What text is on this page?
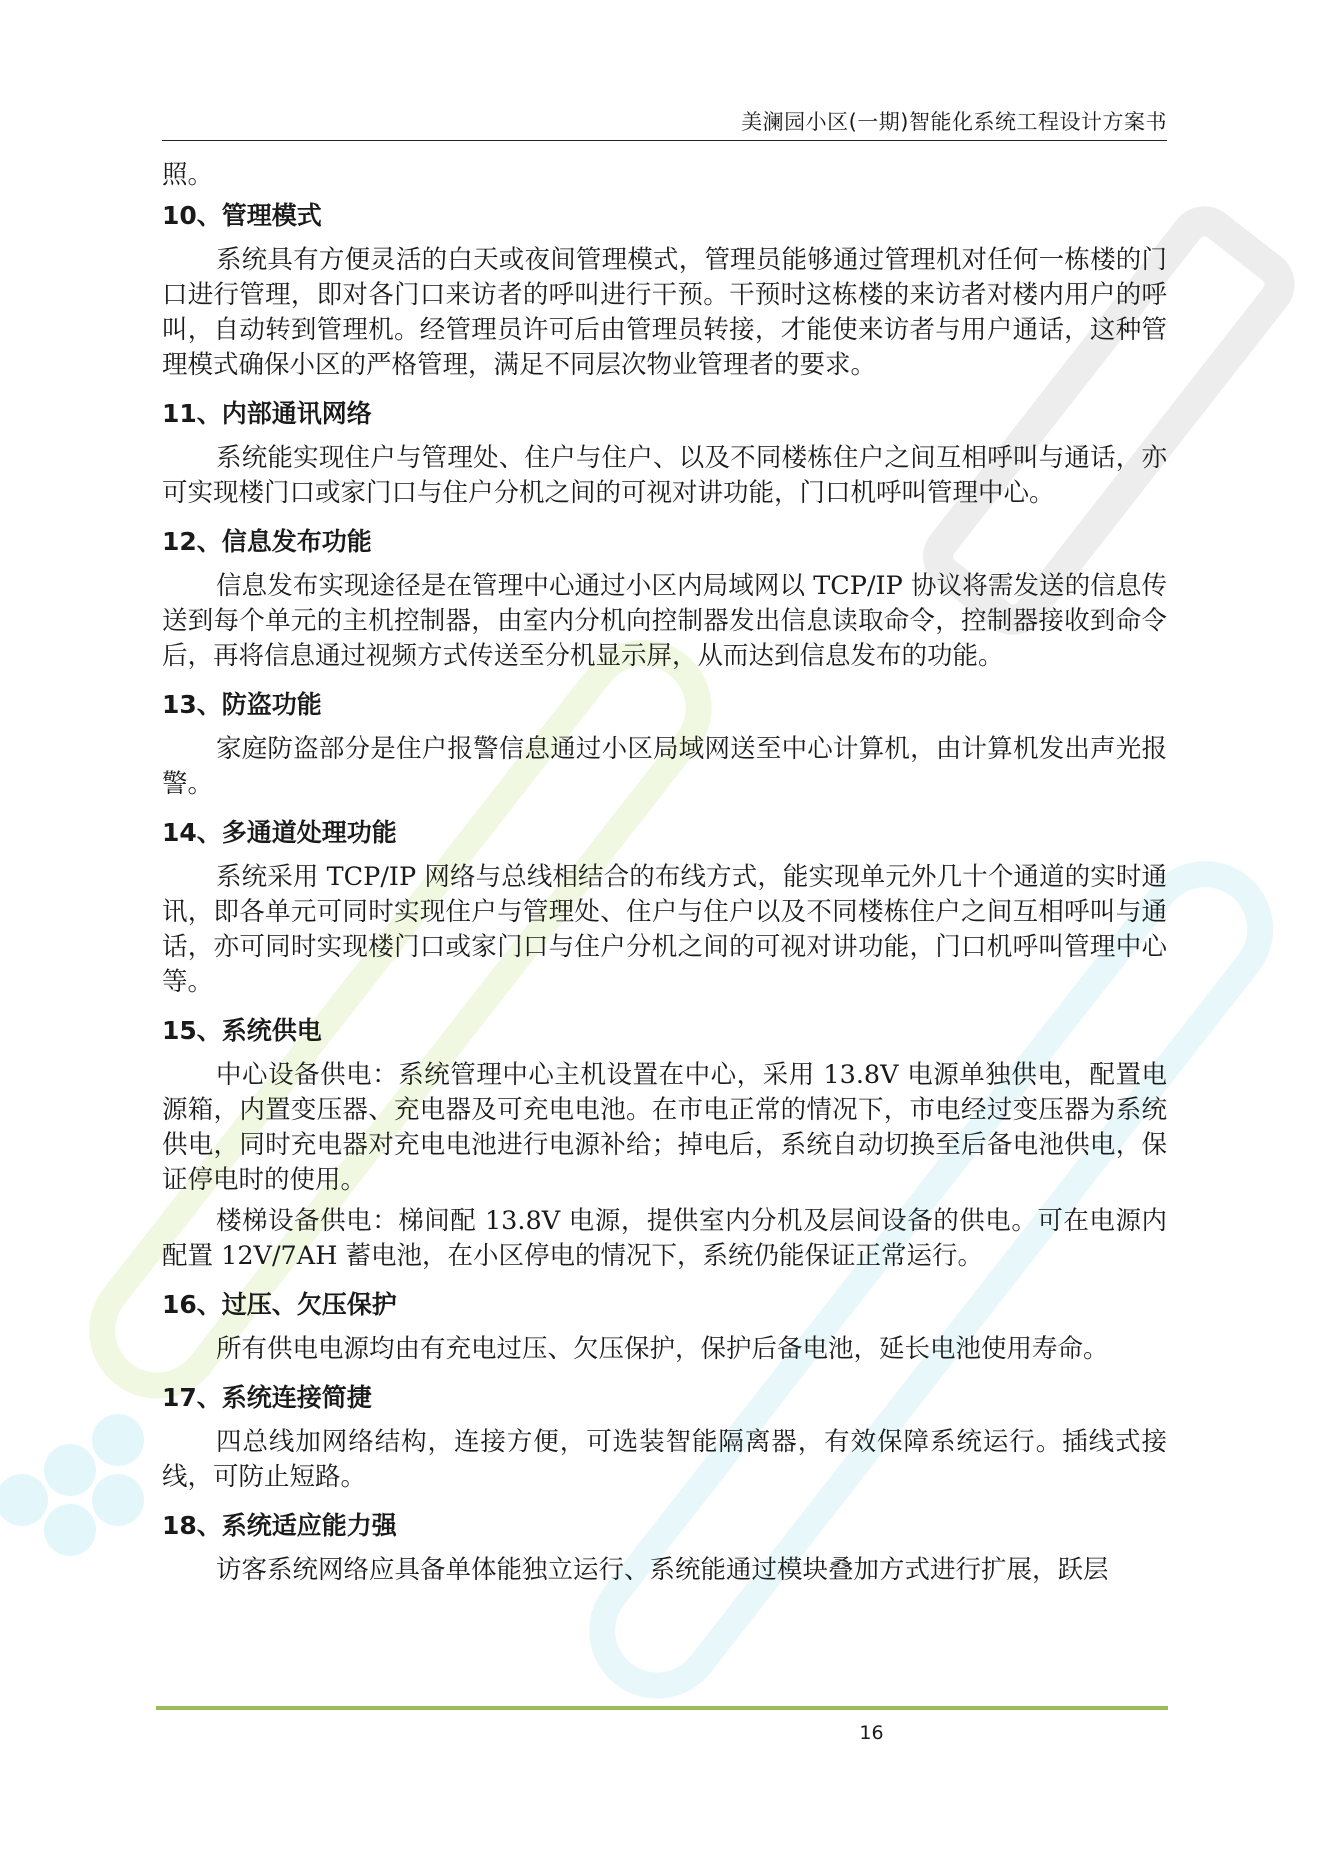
美澜园小区(一期)智能化系统工程设计方案书
照。
10、管理模式
系统具有方便灵活的白天或夜间管理模式，管理员能够通过管理机对任何一栋楼的门口进行管理，即对各门口来访者的呼叫进行干预。干预时这栋楼的来访者对楼内用户的呼叫，自动转到管理机。经管理员许可后由管理员转接，才能使来访者与用户通话，这种管理模式确保小区的严格管理，满足不同层次物业管理者的要求。
11、内部通讯网络
系统能实现住户与管理处、住户与住户、以及不同楼栋住户之间互相呼叫与通话，亦可实现楼门口或家门口与住户分机之间的可视对讲功能，门口机呼叫管理中心。
12、信息发布功能
信息发布实现途径是在管理中心通过小区内局域网以 TCP/IP 协议将需发送的信息传送到每个单元的主机控制器，由室内分机向控制器发出信息读取命令，控制器接收到命令后，再将信息通过视频方式传送至分机显示屏，从而达到信息发布的功能。
13、防盗功能
家庭防盗部分是住户报警信息通过小区局域网送至中心计算机，由计算机发出声光报警。
14、多通道处理功能
系统采用 TCP/IP 网络与总线相结合的布线方式，能实现单元外几十个通道的实时通讯，即各单元可同时实现住户与管理处、住户与住户以及不同楼栋住户之间互相呼叫与通话，亦可同时实现楼门口或家门口与住户分机之间的可视对讲功能，门口机呼叫管理中心等。
15、系统供电
中心设备供电：系统管理中心主机设置在中心，采用 13.8V 电源单独供电，配置电源箱，内置变压器、充电器及可充电电池。在市电正常的情况下，市电经过变压器为系统供电，同时充电器对充电电池进行电源补给；掉电后，系统自动切换至后备电池供电，保证停电时的使用。
楼梯设备供电：梯间配 13.8V 电源，提供室内分机及层间设备的供电。可在电源内配置 12V/7AH 蓄电池，在小区停电的情况下，系统仍能保证正常运行。
16、过压、欠压保护
所有供电电源均由有充电过压、欠压保护，保护后备电池，延长电池使用寿命。
17、系统连接简捷
四总线加网络结构，连接方便，可选装智能隔离器，有效保障系统运行。插线式接线，可防止短路。
18、系统适应能力强
访客系统网络应具备单体能独立运行、系统能通过模块叠加方式进行扩展，跃层
16
